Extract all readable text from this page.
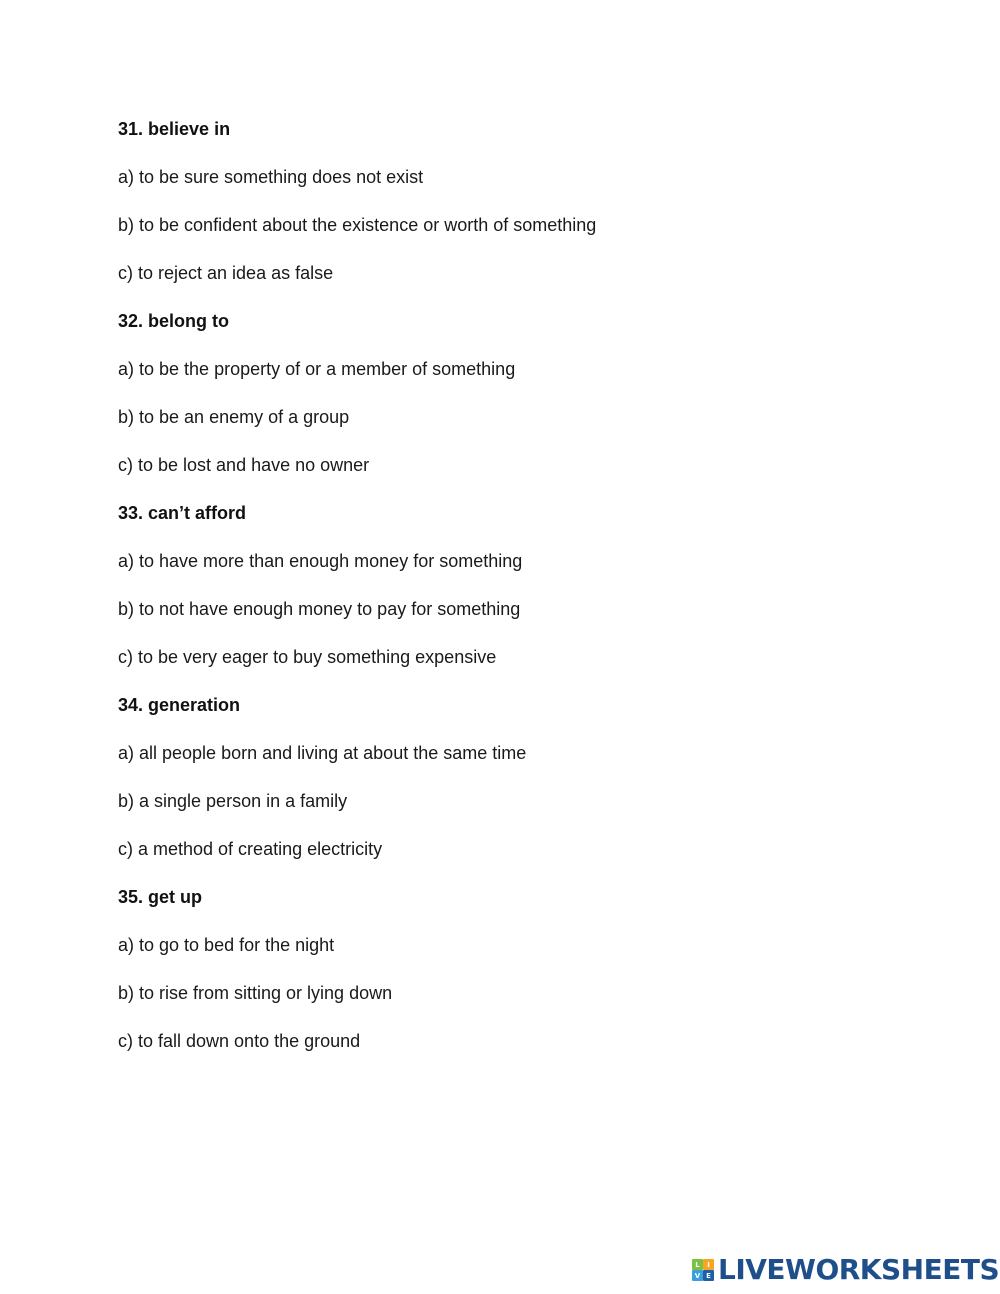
31. believe in
a) to be sure something does not exist
b) to be confident about the existence or worth of something
c) to reject an idea as false
32. belong to
a) to be the property of or a member of something
b) to be an enemy of a group
c) to be lost and have no owner
33. can’t afford
a) to have more than enough money for something
b) to not have enough money to pay for something
c) to be very eager to buy something expensive
34. generation
a) all people born and living at about the same time
b) a single person in a family
c) a method of creating electricity
35. get up
a) to go to bed for the night
b) to rise from sitting or lying down
c) to fall down onto the ground
L	I
V E LIVEWORKSHEETS
